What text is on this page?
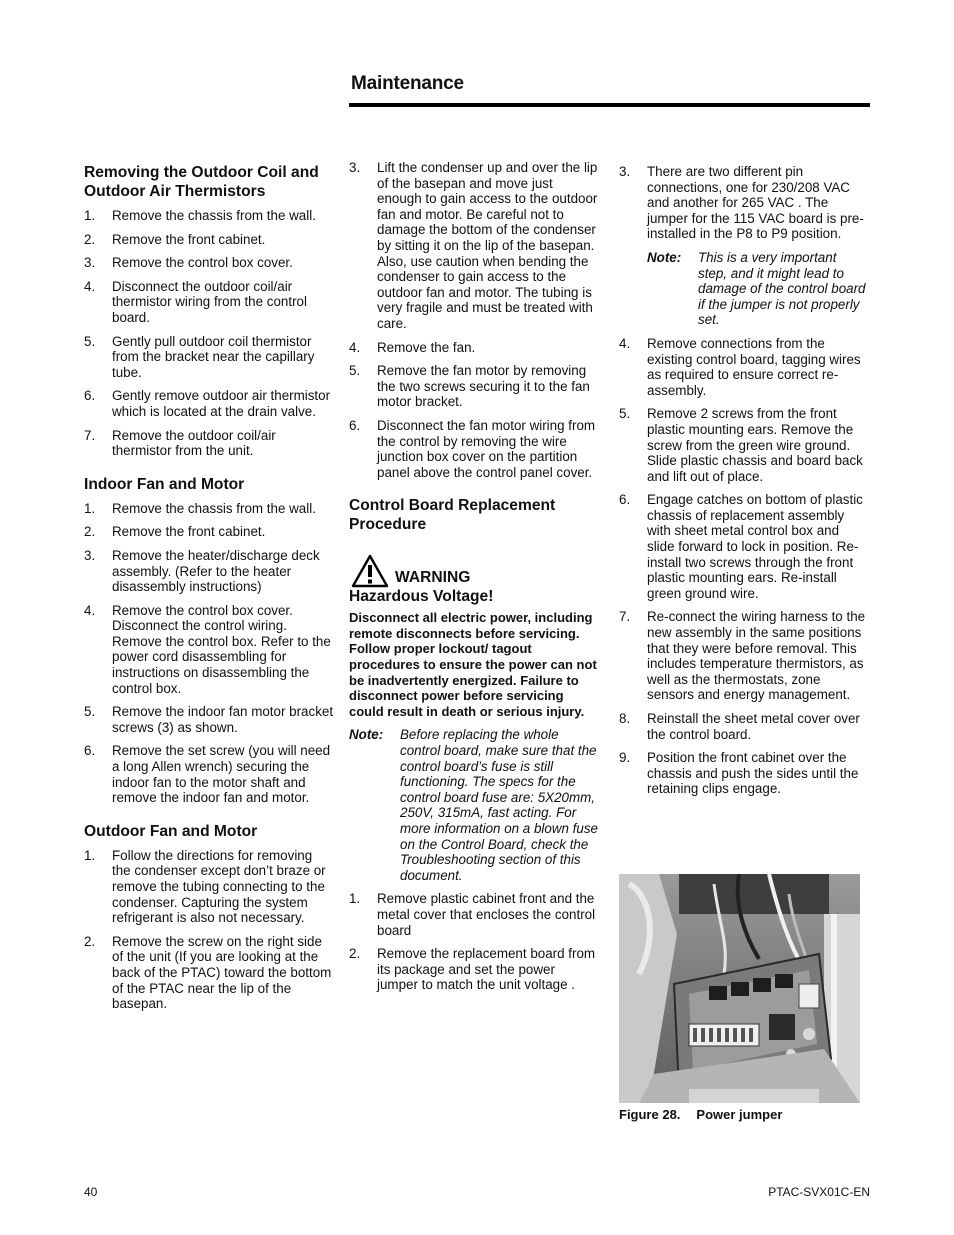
Maintenance
Removing the Outdoor Coil and Outdoor Air Thermistors
1. Remove the chassis from the wall.
2. Remove the front cabinet.
3. Remove the control box cover.
4. Disconnect the outdoor coil/air thermistor wiring from the control board.
5. Gently pull outdoor coil thermistor from the bracket near the capillary tube.
6. Gently remove outdoor air thermistor which is located at the drain valve.
7. Remove the outdoor coil/air thermistor from the unit.
Indoor Fan and Motor
1. Remove the chassis from the wall.
2. Remove the front cabinet.
3. Remove the heater/discharge deck assembly. (Refer to the heater disassembly instructions)
4. Remove the control box cover. Disconnect the control wiring. Remove the control box. Refer to the power cord disassembling for instructions on disassembling the control box.
5. Remove the indoor fan motor bracket screws (3) as shown.
6. Remove the set screw (you will need a long Allen wrench) securing the indoor fan to the motor shaft and remove the indoor fan and motor.
Outdoor Fan and Motor
1. Follow the directions for removing the condenser except don’t braze or remove the tubing connecting to the condenser. Capturing the system refrigerant is also not necessary.
2. Remove the screw on the right side of the unit (If you are looking at the back of the PTAC) toward the bottom of the PTAC near the lip of the basepan.
3. Lift the condenser up and over the lip of the basepan and move just enough to gain access to the outdoor fan and motor. Be careful not to damage the bottom of the condenser by sitting it on the lip of the basepan. Also, use caution when bending the condenser to gain access to the outdoor fan and motor. The tubing is very fragile and must be treated with care.
4. Remove the fan.
5. Remove the fan motor by removing the two screws securing it to the fan motor bracket.
6. Disconnect the fan motor wiring from the control by removing the wire junction box cover on the partition panel above the control panel cover.
Control Board Replacement Procedure
WARNING
Hazardous Voltage!
Disconnect all electric power, including remote disconnects before servicing. Follow proper lockout/ tagout procedures to ensure the power can not be inadvertently energized. Failure to disconnect power before servicing could result in death or serious injury.
Note: Before replacing the whole control board, make sure that the control board’s fuse is still functioning. The specs for the control board fuse are: 5X20mm, 250V, 315mA, fast acting. For more information on a blown fuse on the Control Board, check the Troubleshooting section of this document.
1. Remove plastic cabinet front and the metal cover that encloses the control board
2. Remove the replacement board from its package and set the power jumper to match the unit voltage .
3. There are two different pin connections, one for 230/208 VAC and another for 265 VAC . The jumper for the 115 VAC board is pre-installed in the P8 to P9 position.
Note: This is a very important step, and it might lead to damage of the control board if the jumper is not properly set.
4. Remove connections from the existing control board, tagging wires as required to ensure correct re-assembly.
5. Remove 2 screws from the front plastic mounting ears. Remove the screw from the green wire ground. Slide plastic chassis and board back and lift out of place.
6. Engage catches on bottom of plastic chassis of replacement assembly with sheet metal control box and slide forward to lock in position. Re-install two screws through the front plastic mounting ears. Re-install green ground wire.
7. Re-connect the wiring harness to the new assembly in the same positions that they were before removal. This includes temperature thermistors, as well as the thermostats, zone sensors and energy management.
8. Reinstall the sheet metal cover over the control board.
9. Position the front cabinet over the chassis and push the sides until the retaining clips engage.
Figure 28. Power jumper
40	PTAC-SVX01C-EN
